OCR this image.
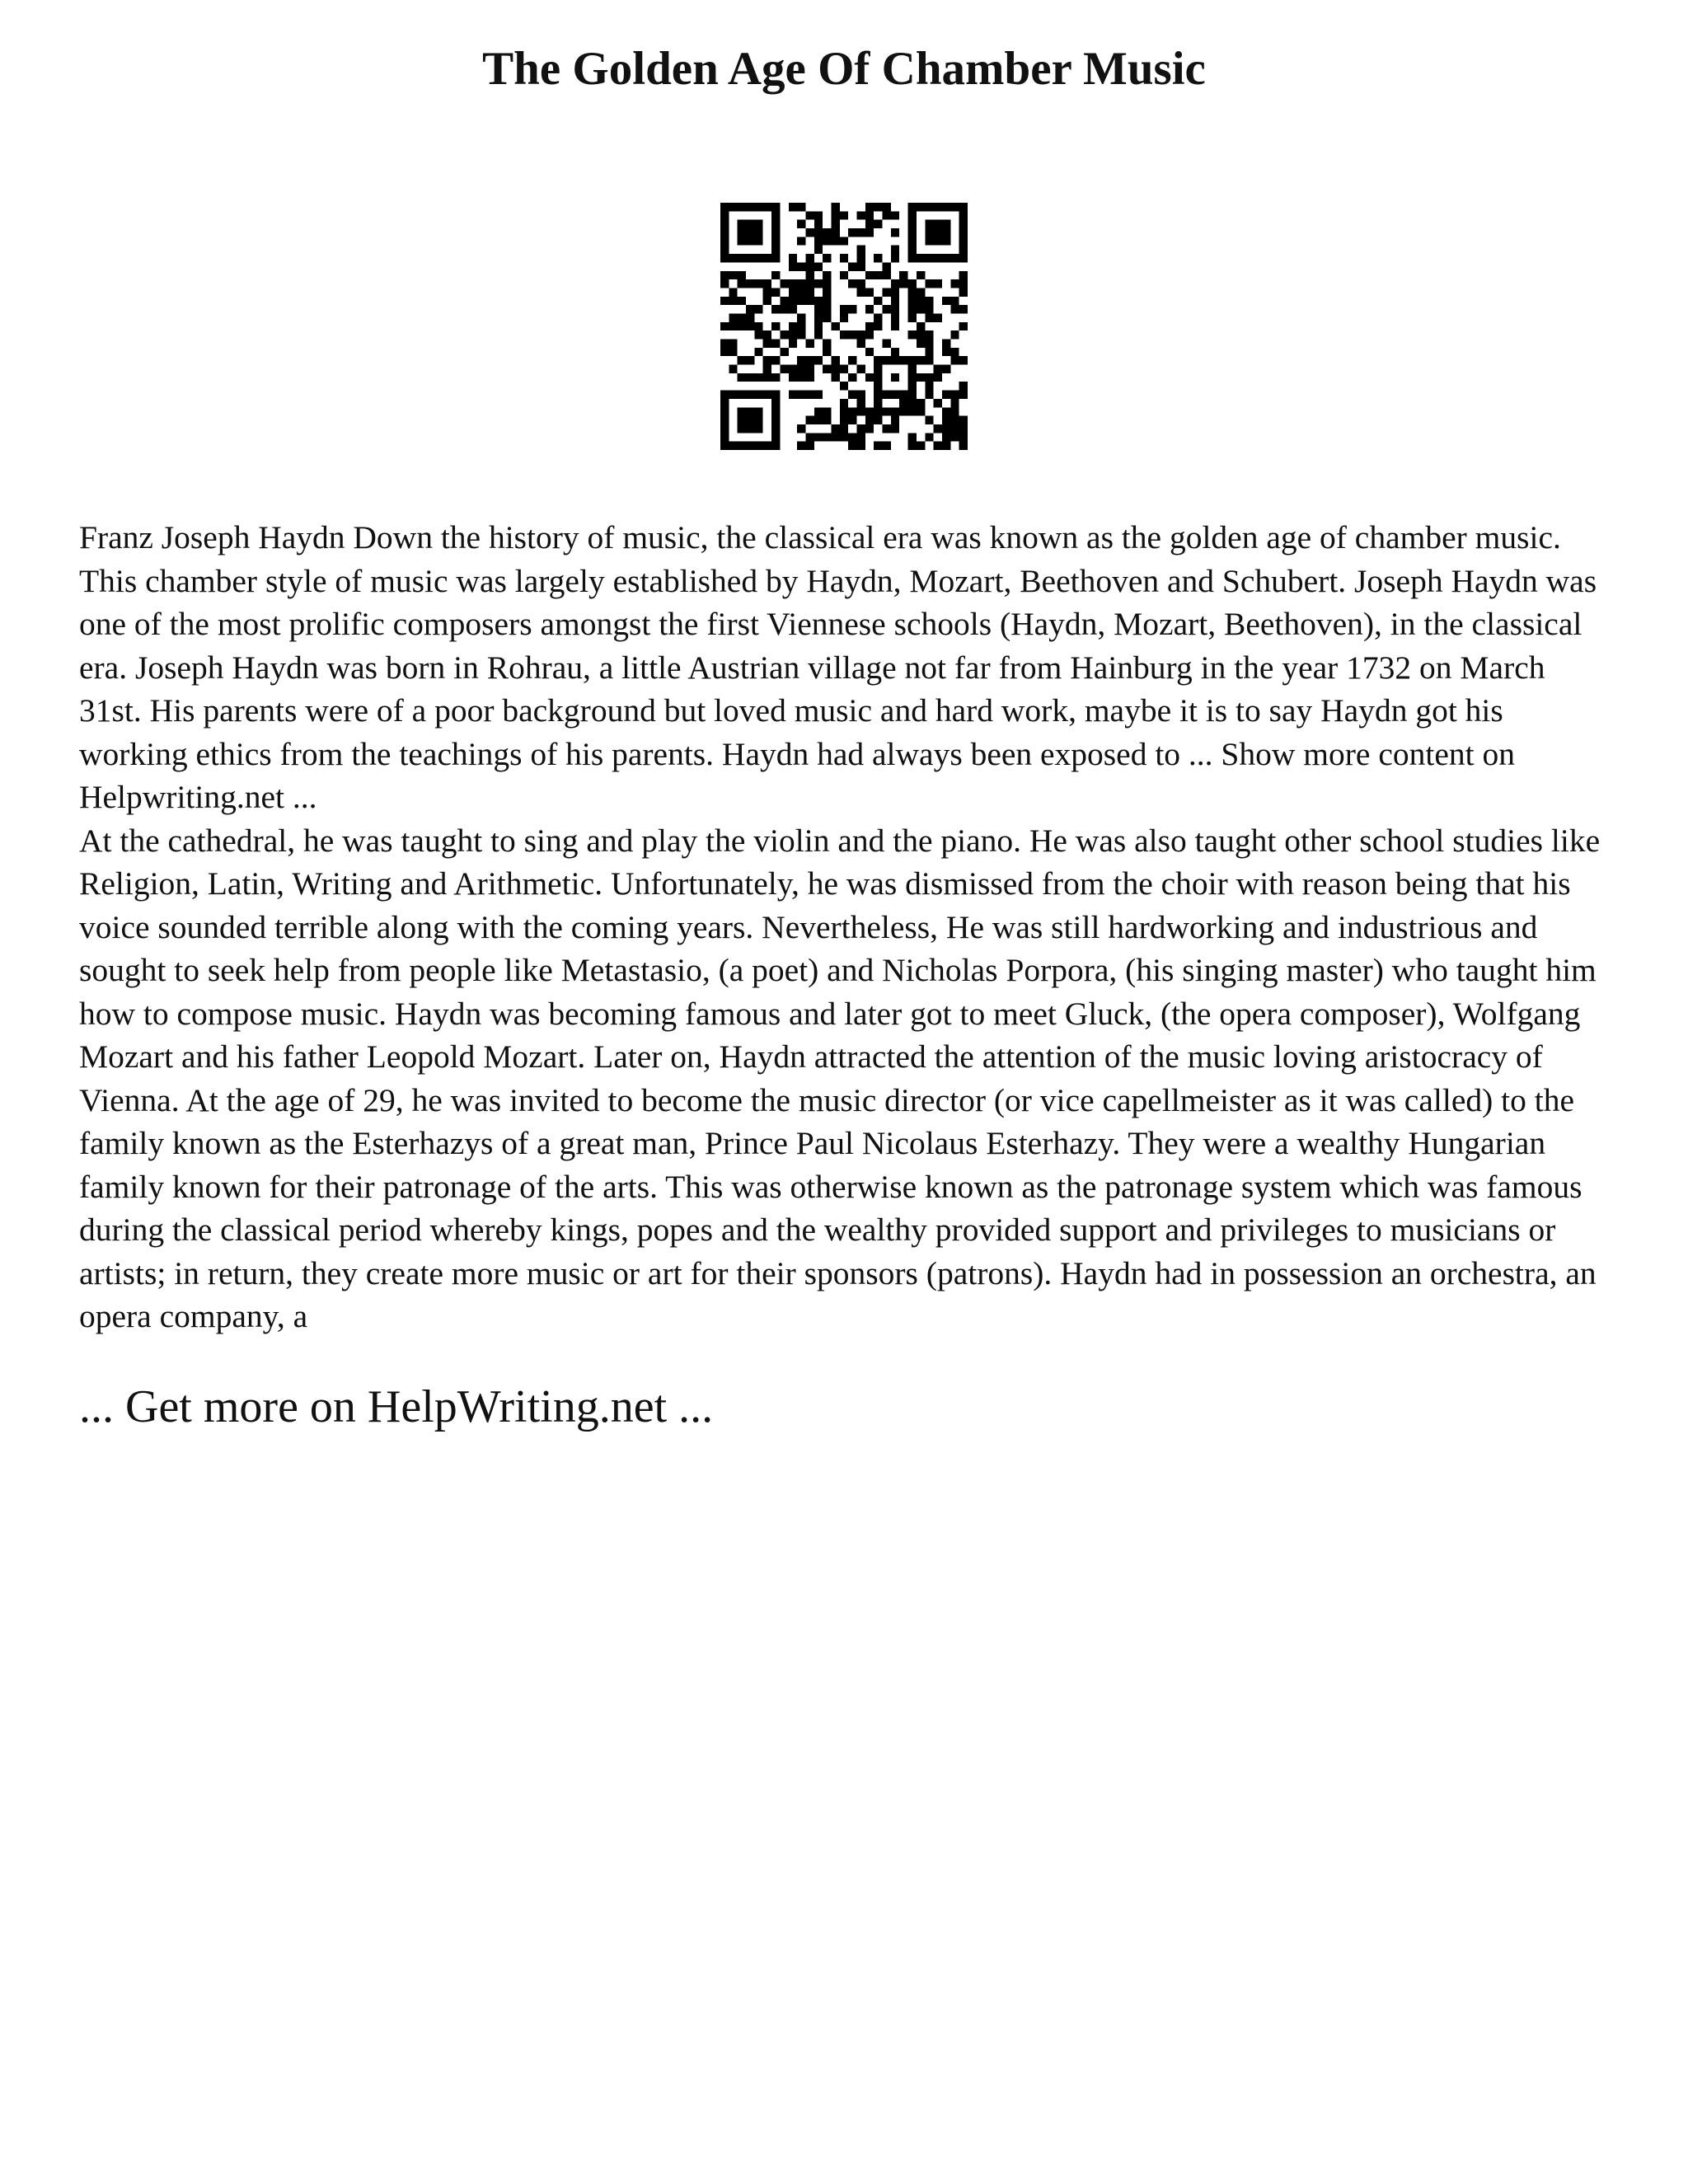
The Golden Age Of Chamber Music

Franz Joseph Haydn Down the history of music, the classical era was known as the golden age of chamber music. This chamber style of music was largely established by Haydn, Mozart, Beethoven and Schubert. Joseph Haydn was one of the most prolific composers amongst the first Viennese schools (Haydn, Mozart, Beethoven), in the classical era. Joseph Haydn was born in Rohrau, a little Austrian village not far from Hainburg in the year 1732 on March 31st. His parents were of a poor background but loved music and hard work, maybe it is to say Haydn got his working ethics from the teachings of his parents. Haydn had always been exposed to ... Show more content on Helpwriting.net ...

At the cathedral, he was taught to sing and play the violin and the piano. He was also taught other school studies like Religion, Latin, Writing and Arithmetic. Unfortunately, he was dismissed from the choir with reason being that his voice sounded terrible along with the coming years. Nevertheless, He was still hardworking and industrious and sought to seek help from people like Metastasio, (a poet) and Nicholas Porpora, (his singing master) who taught him how to compose music. Haydn was becoming famous and later got to meet Gluck, (the opera composer), Wolfgang Mozart and his father Leopold Mozart. Later on, Haydn attracted the attention of the music loving aristocracy of Vienna. At the age of 29, he was invited to become the music director (or vice capellmeister as it was called) to the family known as the Esterhazys of a great man, Prince Paul Nicolaus Esterhazy. They were a wealthy Hungarian family known for their patronage of the arts. This was otherwise known as the patronage system which was famous during the classical period whereby kings, popes and the wealthy provided support and privileges to musicians or artists; in return, they create more music or art for their sponsors (patrons). Haydn had in possession an orchestra, an opera company, a

... Get more on HelpWriting.net ...
